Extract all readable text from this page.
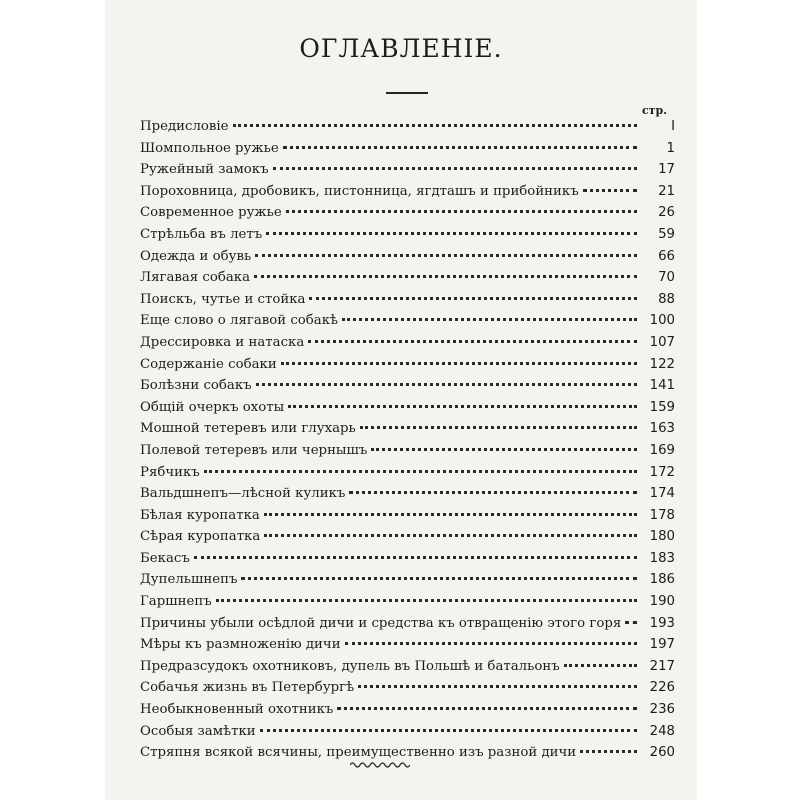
ОГЛАВЛЕНIЕ.
стр.
Предисловiе	I
Шомпольное ружье	1
Ружейный замокъ	17
Пороховница, дробовикъ, пистонница, ягдташъ и прибойникъ	21
Современное ружье	26
Стрѣльба въ летъ	59
Одежда и обувь	66
Лягавая собака	70
Поискъ, чутье и стойка	88
Еще слово о лягавой собакѣ	100
Дрессировка и натаска	107
Содержанiе собаки	122
Болѣзни собакъ	141
Общiй очеркъ охоты	159
Мошной тетеревъ или глухарь	163
Полевой тетеревъ или чернышъ	169
Рябчикъ	172
Вальдшнепъ—лѣсной куликъ	174
Бѣлая куропатка	178
Сѣрая куропатка	180
Бекасъ	183
Дупельшнепъ	186
Гаршнепъ	190
Причины убыли осѣдлой дичи и средства къ отвращенiю этого горя	193
Мѣры къ размноженiю дичи	197
Предразсудокъ охотниковъ, дупель въ Польшѣ и батальонъ	217
Собачья жизнь въ Петербургѣ	226
Необыкновенный охотникъ	236
Особыя замѣтки	248
Стряпня всякой всячины, преимущественно изъ разной дичи	260
